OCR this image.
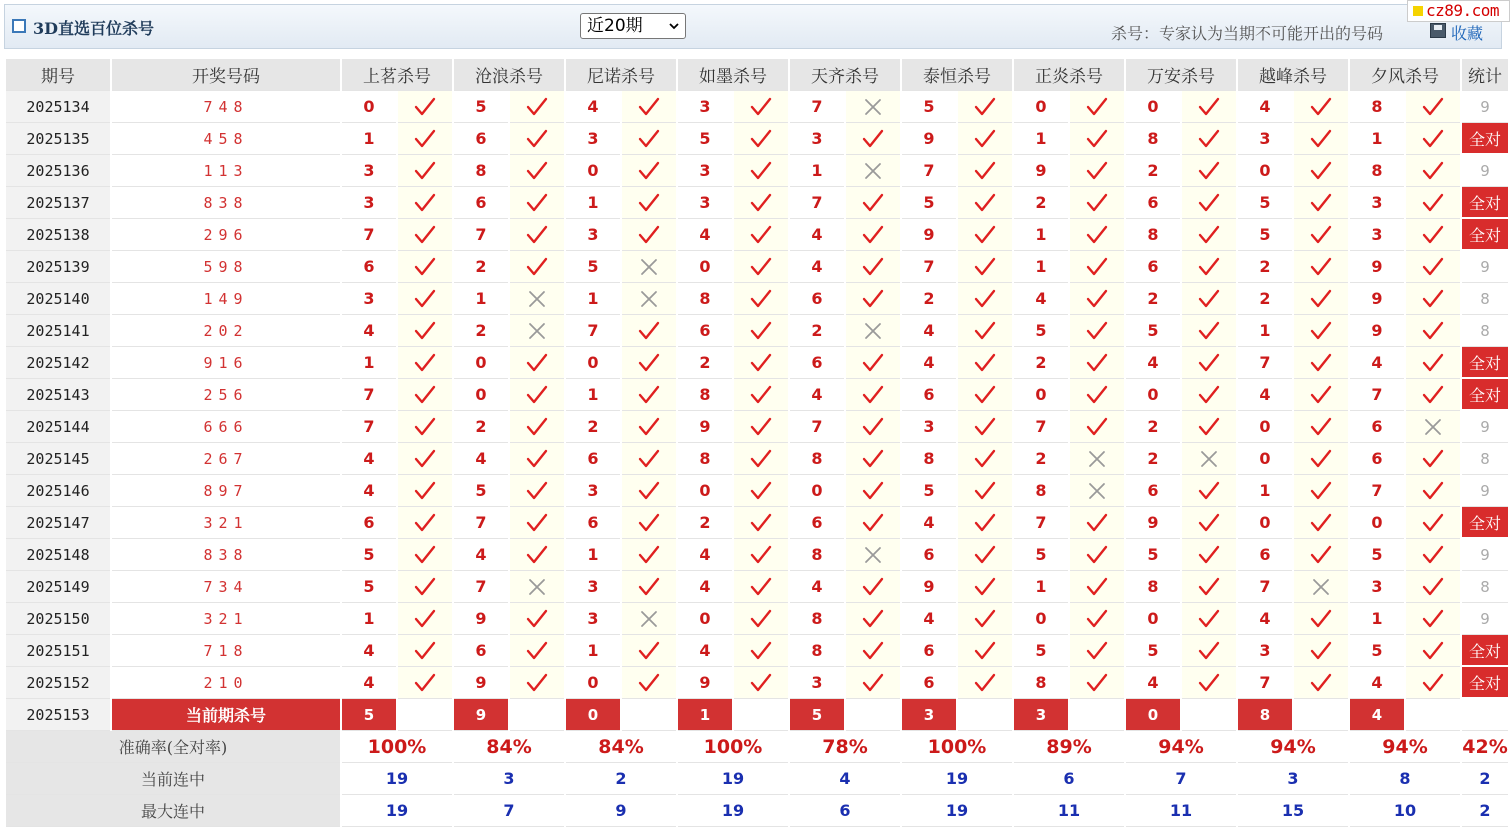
3D直选百位杀号	近20期	杀号：专家认为当期不可能开出的号码	收藏
cz89.com
期号	开奖号码	上茗杀号		沧浪杀号		尼诺杀号		如墨杀号		天齐杀号		泰恒杀号		正炎杀号		万安杀号		越峰杀号		夕风杀号		统计
2025134	748	0		5		4		3		7		5		0		0		4		8		9
2025135	458	1		6		3		5		3		9		1		8		3		1		全对
2025136	113	3		8		0		3		1		7		9		2		0		8		9
2025137	838	3		6		1		3		7		5		2		6		5		3		全对
2025138	296	7		7		3		4		4		9		1		8		5		3		全对
2025139	598	6		2		5		0		4		7		1		6		2		9		9
2025140	149	3		1		1		8		6		2		4		2		2		9		8
2025141	202	4		2		7		6		2		4		5		5		1		9		8
2025142	916	1		0		0		2		6		4		2		4		7		4		全对
2025143	256	7		0		1		8		4		6		0		0		4		7		全对
2025144	666	7		2		2		9		7		3		7		2		0		6		9
2025145	267	4		4		6		8		8		8		2		2		0		6		8
2025146	897	4		5		3		0		0		5		8		6		1		7		9
2025147	321	6		7		6		2		6		4		7		9		0		0		全对
2025148	838	5		4		1		4		8		6		5		5		6		5		9
2025149	734	5		7		3		4		4		9		1		8		7		3		8
2025150	321	1		9		3		0		8		4		0		0		4		1		9
2025151	718	4		6		1		4		8		6		5		5		3		5		全对
2025152	210	4		9		0		9		3		6		8		4		7		4		全对
2025153	当前期杀号	5		9		0		1		5		3		3		0		8		4		
准确率(全对率)		100%		84%		84%		100%		78%		100%		89%		94%		94%		94%		42%
当前连中		19		3		2		19		4		19		6		7		3		8		2
最大连中		19		7		9		19		6		19		11		11		15		10		2
